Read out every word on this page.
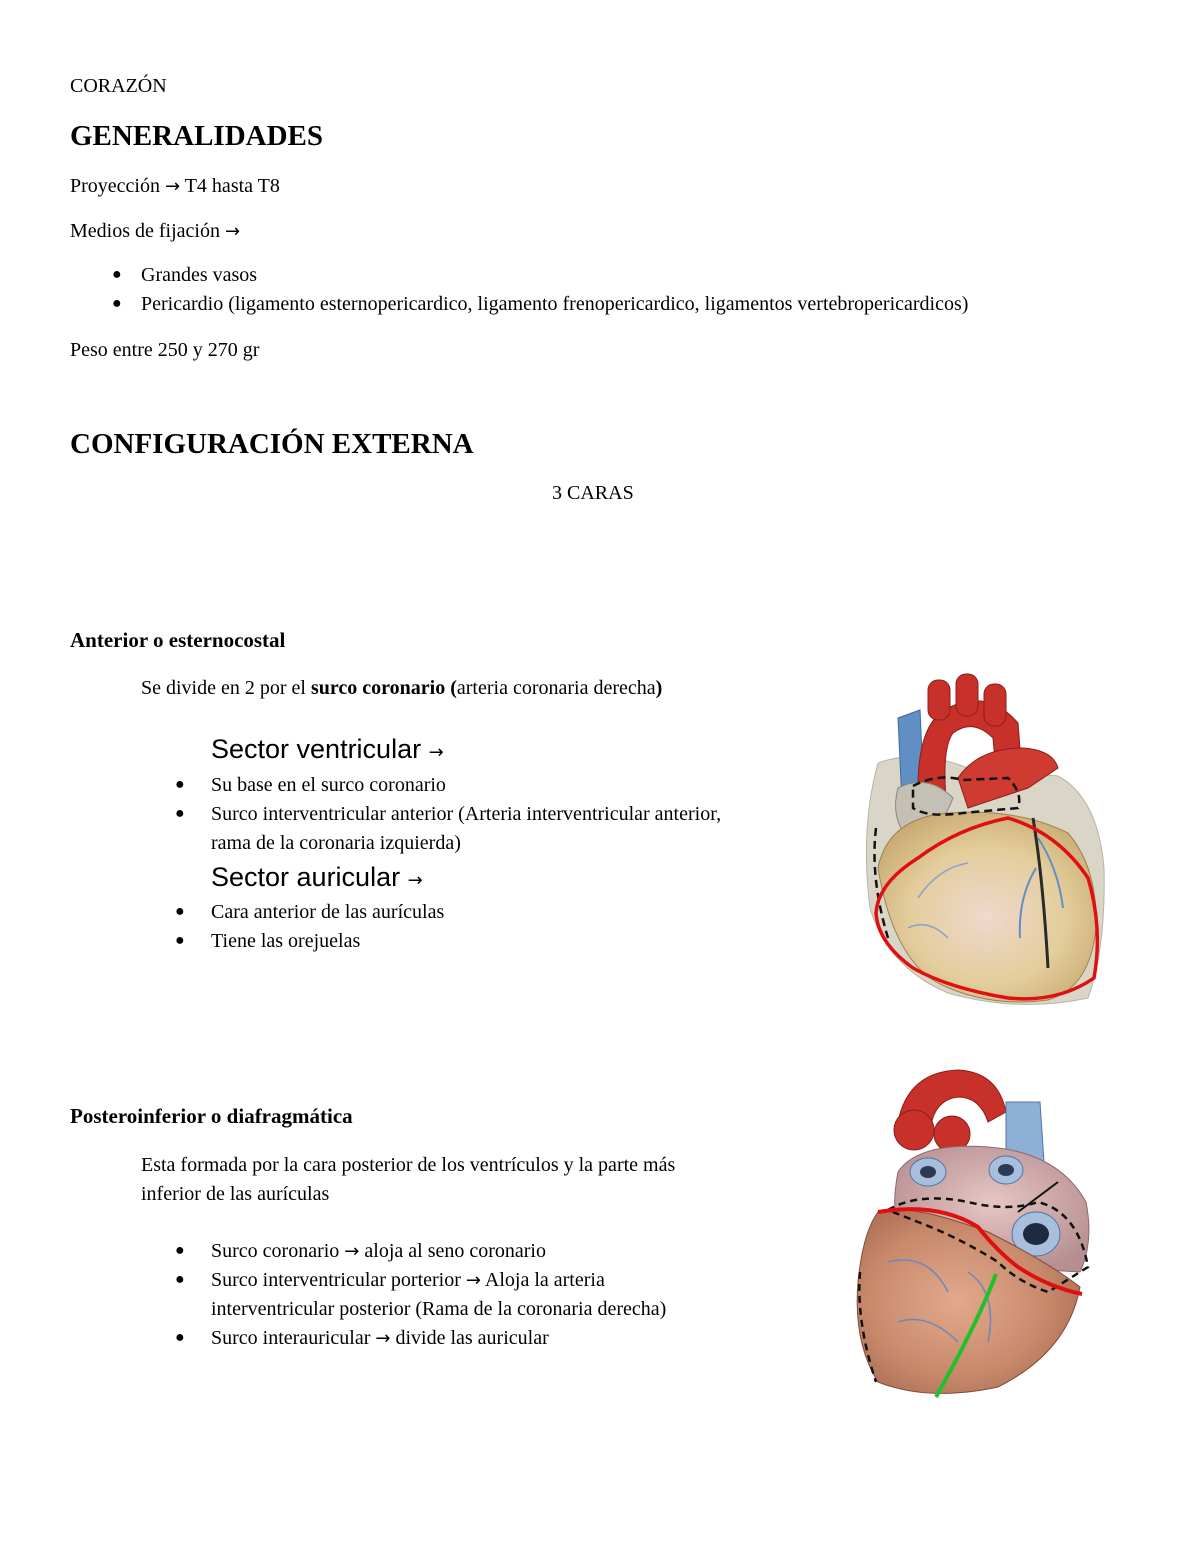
CORAZÓN
GENERALIDADES
Proyección → T4 hasta T8
Medios de fijación →
● Grandes vasos
● Pericardio (ligamento esternopericardico, ligamento frenopericardico, ligamentos vertebropericardicos)
Peso entre 250 y 270 gr
CONFIGURACIÓN EXTERNA
3 CARAS
Anterior o esternocostal
Se divide en 2 por el surco coronario (arteria coronaria derecha)
Sector ventricular →
● Su base en el surco coronario
● Surco interventricular anterior (Arteria interventricular anterior,
rama de la coronaria izquierda)
Sector auricular →
● Cara anterior de las aurículas
● Tiene las orejuelas
Posteroinferior o diafragmática
Esta formada por la cara posterior de los ventrículos y la parte más
inferior de las aurículas
● Surco coronario → aloja al seno coronario
● Surco interventricular porterior → Aloja la arteria
interventricular posterior (Rama de la coronaria derecha)
● Surco interauricular → divide las auricular
